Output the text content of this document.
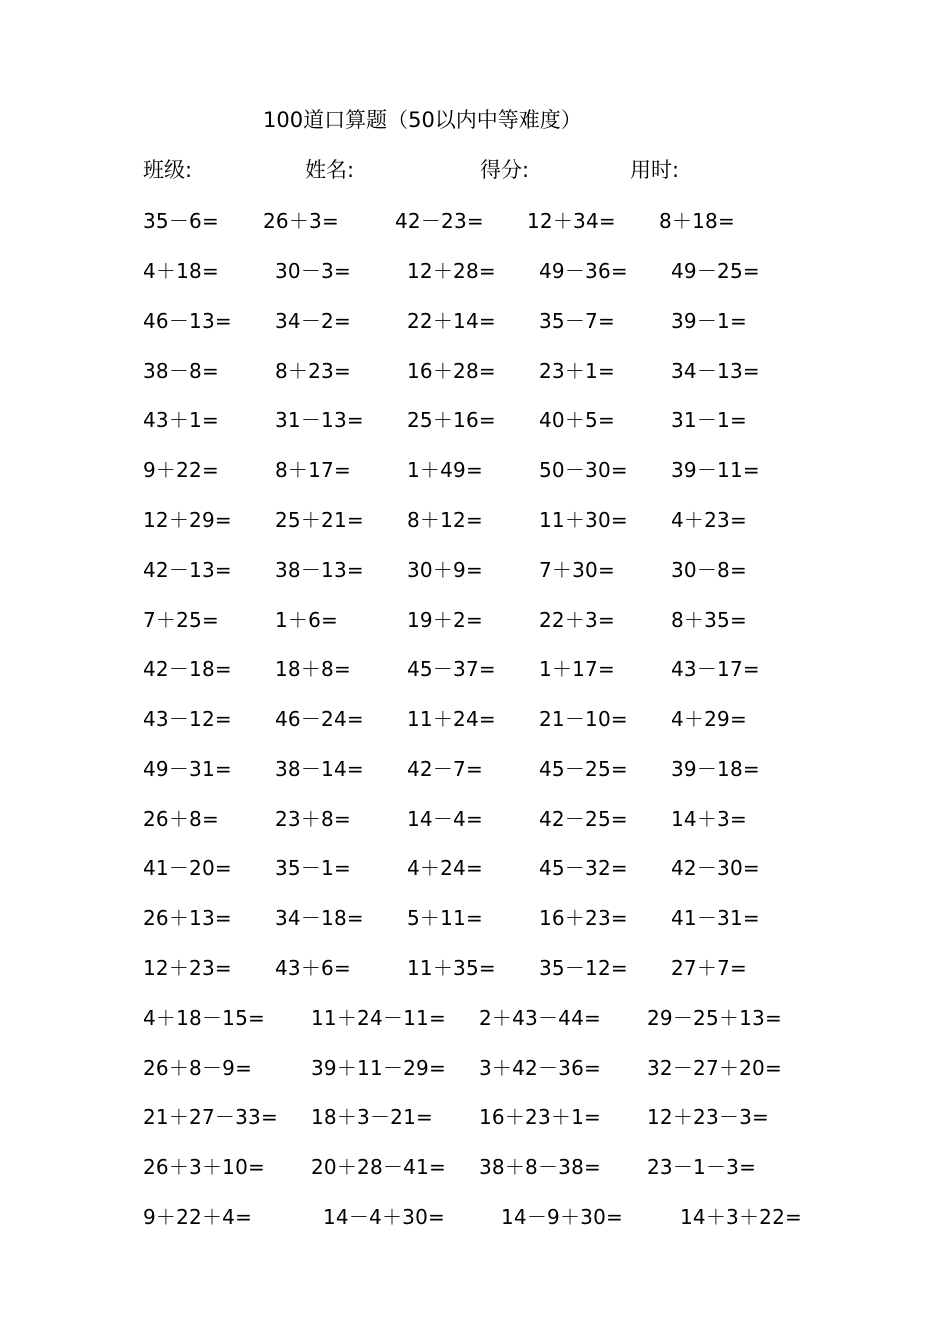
100道口算题（50以内中等难度）
班级:	姓名:	得分:	用时:
35－6= 26＋3=	42－23= 12＋34= 8＋18=
4＋18=	30－3=	12＋28= 49－36= 49－25=
46－13= 34－2=	22＋14= 35－7=	39－1=
38－8=	8＋23=	16＋28= 23＋1=	34－13=
43＋1=	31－13= 25＋16= 40＋5=	31－1=
9＋22=	8＋17=	1＋49=	50－30= 39－11=
12＋29= 25＋21= 8＋12=	11＋30= 4＋23=
42－13= 38－13= 30＋9=	7＋30=	30－8=
7＋25=	1＋6=	19＋2=	22＋3=	8＋35=
42－18= 18＋8=	45－37= 1＋17=	43－17=
43－12= 46－24= 11＋24= 21－10= 4＋29=
49－31= 38－14= 42－7=	45－25= 39－18=
26＋8=	23＋8=	14－4=	42－25= 14＋3=
41－20= 35－1=	4＋24=	45－32= 42－30=
26＋13= 34－18= 5＋11=	16＋23= 41－31=
12＋23= 43＋6=	11＋35= 35－12= 27＋7=
4＋18－15= 11＋24－11= 2＋43－44= 29－25＋13=
26＋8－9=	39＋11－29= 3＋42－36= 32－27＋20=
21＋27－33= 18＋3－21= 16＋23＋1= 12＋23－3=
26＋3＋10= 20＋28－41= 38＋8－38= 23－1－3=
9＋22＋4=	14－4＋30=	14－9＋30=	14＋3＋22=
